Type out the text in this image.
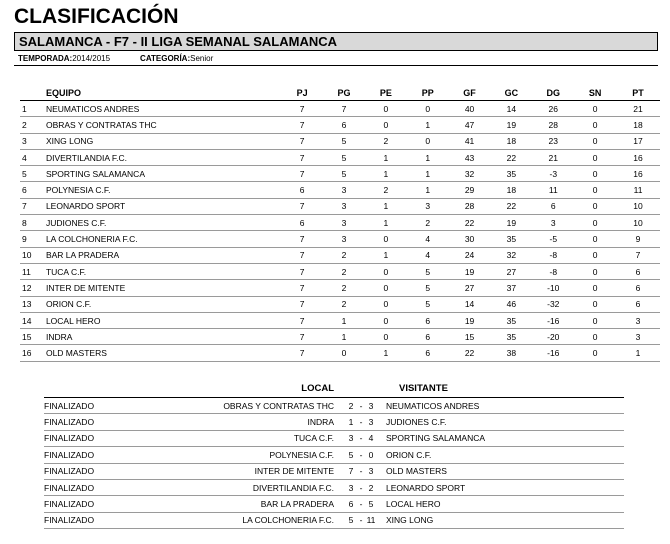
CLASIFICACIÓN
SALAMANCA - F7 - II LIGA SEMANAL SALAMANCA
TEMPORADA:2014/2015	CATEGORÍA:Senior
	EQUIPO	PJ	PG	PE	PP	GF	GC	DG	SN	PT
1	NEUMATICOS ANDRES	7	7	0	0	40	14	26	0	21
2	OBRAS Y CONTRATAS THC	7	6	0	1	47	19	28	0	18
3	XING LONG	7	5	2	0	41	18	23	0	17
4	DIVERTILANDIA F.C.	7	5	1	1	43	22	21	0	16
5	SPORTING SALAMANCA	7	5	1	1	32	35	-3	0	16
6	POLYNESIA C.F.	6	3	2	1	29	18	11	0	11
7	LEONARDO SPORT	7	3	1	3	28	22	6	0	10
8	JUDIONES C.F.	6	3	1	2	22	19	3	0	10
9	LA COLCHONERIA F.C.	7	3	0	4	30	35	-5	0	9
10	BAR LA PRADERA	7	2	1	4	24	32	-8	0	7
11	TUCA C.F.	7	2	0	5	19	27	-8	0	6
12	INTER DE MITENTE	7	2	0	5	27	37	-10	0	6
13	ORION C.F.	7	2	0	5	14	46	-32	0	6
14	LOCAL HERO	7	1	0	6	19	35	-16	0	3
15	INDRA	7	1	0	6	15	35	-20	0	3
16	OLD MASTERS	7	0	1	6	22	38	-16	0	1
LOCAL	VISITANTE
FINALIZADO	OBRAS Y CONTRATAS THC	2	-	3	NEUMATICOS ANDRES
FINALIZADO	INDRA	1	-	3	JUDIONES C.F.
FINALIZADO	TUCA C.F.	3	-	4	SPORTING SALAMANCA
FINALIZADO	POLYNESIA C.F.	5	-	0	ORION C.F.
FINALIZADO	INTER DE MITENTE	7	-	3	OLD MASTERS
FINALIZADO	DIVERTILANDIA F.C.	3	-	2	LEONARDO SPORT
FINALIZADO	BAR LA PRADERA	6	-	5	LOCAL HERO
FINALIZADO	LA COLCHONERIA F.C.	5	-	11	XING LONG
